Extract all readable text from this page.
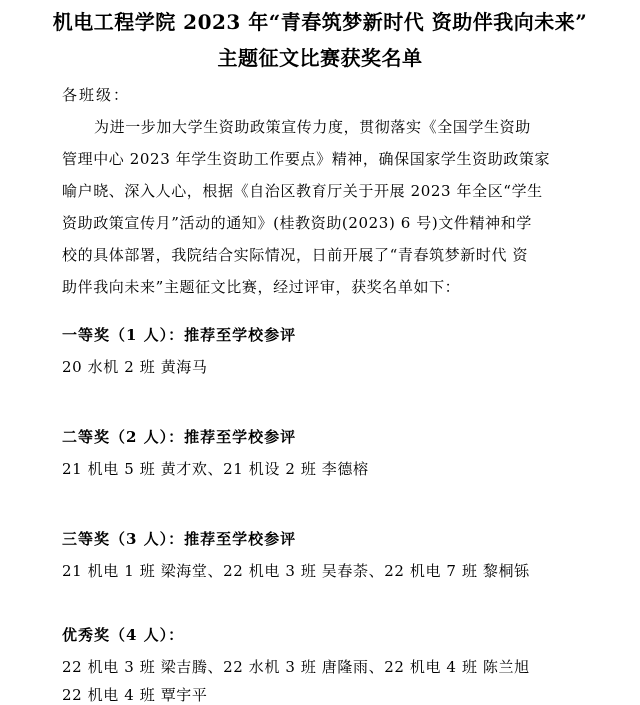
机电工程学院 2023 年“青春筑梦新时代 资助伴我向未来”
主题征文比赛获奖名单
各班级：
为进一步加大学生资助政策宣传力度，贯彻落实《全国学生资助
管理中心 2023 年学生资助工作要点》精神，确保国家学生资助政策家
喻户晓、深入人心，根据《自治区教育厅关于开展 2023 年全区“学生
资助政策宣传月”活动的通知》(桂教资助(2023) 6 号)文件精神和学
校的具体部署，我院结合实际情况，日前开展了“青春筑梦新时代 资
助伴我向未来”主题征文比赛，经过评审，获奖名单如下：
一等奖（1 人）：推荐至学校参评
20 水机 2 班 黄海马
二等奖（2 人）：推荐至学校参评
21 机电 5 班 黄才欢、21 机设 2 班 李德榕
三等奖（3 人）：推荐至学校参评
21 机电 1 班 梁海堂、22 机电 3 班 吴春荼、22 机电 7 班 黎桐铄
优秀奖（4 人）：
22 机电 3 班 梁吉腾、22 水机 3 班 唐隆雨、22 机电 4 班 陈兰旭
22 机电 4 班 覃宇平
